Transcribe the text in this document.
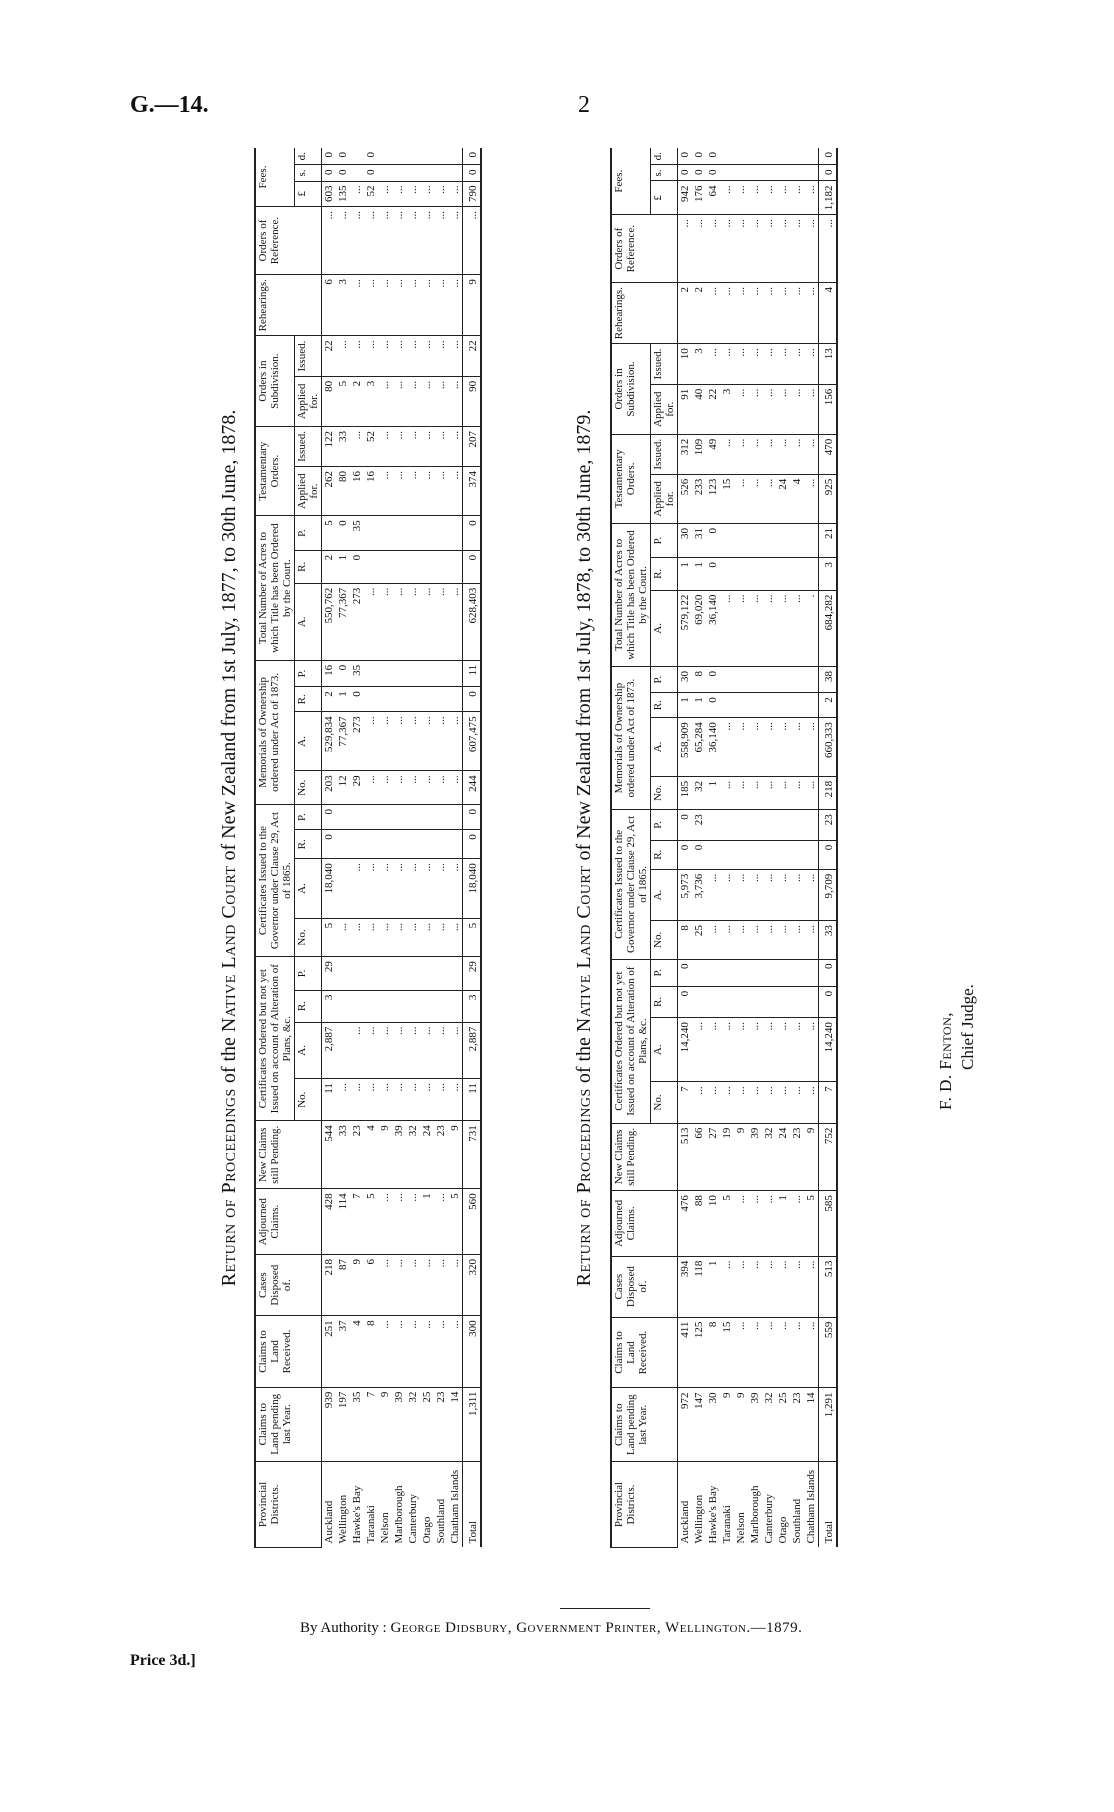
G.—14.	2
Return of Proceedings of the Native Land Court of New Zealand from 1st July, 1877, to 30th June, 1878.
Provincial Districts.	Claims to Land pending last Year.	Claims to Land Received.	Cases Disposed of.	Adjourned Claims.	New Claims still Pending.	Certificates Ordered but not yet Issued on account of Alteration of Plans, &c.				Certificates Issued to the Governor under Clause 29, Act of 1865.				Memorials of Ownership ordered under Act of 1873.				Total Number of Acres to which Title has been Ordered by the Court.			Testamentary Orders.		Orders in Subdivision.		Rehearings.	Orders of Reference.	Fees.		
						No.	A.	R.	P.	No.	A.	R.	P.	No.	A.	R.	P.	A.	R.	P.	Applied for.	Issued.	Applied for.	Issued.			£	s.	d.
Auckland	939	251	218	428	544	11	2,887	3	29	5	18,040	0	0	203	529,834	2	16	550,762	2	5	262	122	80	22	6	...	603	0	0
Wellington	197	37	87	114	33	...				...				12	77,367	1	0	77,367	1	0	80	33	5	...	3	...	135	0	0
Hawke's Bay	35	4	9	7	23	...	...			...	...			29	273	0	35	273	0	35	16	...	2	...	...	...	...		
Taranaki	7	8	6	5	4	...	...			...	...			...	...			...			16	52	3	...	...	...	52	0	0
Nelson	9	...	...	...	9	...	...			...	...			...	...			...			...	...	...	...	...	...	...		
Marlborough	39	...	...	...	39	...	...			...	...			...	...			...			...	...	...	...	...	...	...		
Canterbury	32	...	...	...	32	...	...			...	...			...	...			...			...	...	...	...	...	...	...		
Otago	25	...	...	1	24	...	...			...	...			...	...			...			...	...	...	...	...	...	...		
Southland	23	...	...	...	23	...	...			...	...			...	...			...			...	...	...	...	...	...	...		
Chatham Islands	14	...	...	5	9	...	...			...	...			...	...			...			...	...	...	...	...	...	...		
Total	1,311	300	320	560	731	11	2,887	3	29	5	18,040	0	0	244	607,475	0	11	628,403	0	0	374	207	90	22	9	...	790	0	0
Return of Proceedings of the Native Land Court of New Zealand from 1st July, 1878, to 30th June, 1879.
Provincial Districts.	Claims to Land pending last Year.	Claims to Land Received.	Cases Disposed of.	Adjourned Claims.	New Claims still Pending.	Certificates Ordered but not yet Issued on account of Alteration of Plans, &c.				Certificates Issued to the Governor under Clause 29, Act of 1865.				Memorials of Ownership ordered under Act of 1873.				Total Number of Acres to which Title has been Ordered by the Court.			Testamentary Orders.		Orders in Subdivision.		Rehearings.	Orders of Reference.	Fees.		
						No.	A.	R.	P.	No.	A.	R.	P.	No.	A.	R.	P.	A.	R.	P.	Applied for.	Issued.	Applied for.	Issued.			£	s.	d.
Auckland	972	411	394	476	513	7	14,240	0	0	8	5,973	0	0	185	558,909	1	30	579,122	1	30	526	312	91	10	2	...	942	0	0
Wellington	147	125	118	88	66	...	...			25	3,736	0	23	32	65,284	1	8	69,020	1	31	233	109	40	3	2	...	176	0	0
Hawke's Bay	30	8	1	10	27	...	...			...	...			1	36,140	0	0	36,140	0	0	123	49	22	...	...	...	64	0	0
Taranaki	9	15	...	5	19	...	...			...	...			...	...			...			15	...	3	...	...	...	...		
Nelson	9	...	...	...	9	...	...			...	...			...	...			...			...	...	...	...	...	...	...		
Marlborough	39	...	...	...	39	...	...			...	...			...	...			...			...	...	...	...	...	...	...		
Canterbury	32	...	...	...	32	...	...			...	...			...	...			...			...	...	...	...	...	...	...		
Otago	25	...	...	1	24	...	...			...	...			...	...			...			24	...	...	...	...	...	...		
Southland	23	...	...	...	23	...	...			...	...			...	...			...			4	...	...	...	...	...	...		
Chatham Islands	14	...	...	5	9	...	...			...	...			...	...			.			...	...	...	...	...	...	...		
Total	1,291	559	513	585	752	7	14,240	0	0	33	9,709	0	23	218	660,333	2	38	684,282	3	21	925	470	156	13	4	...	1,182	0	0
F. D. Fenton, Chief Judge.
By Authority : George Didsbury, Government Printer, Wellington.—1879.
Price 3d.]
